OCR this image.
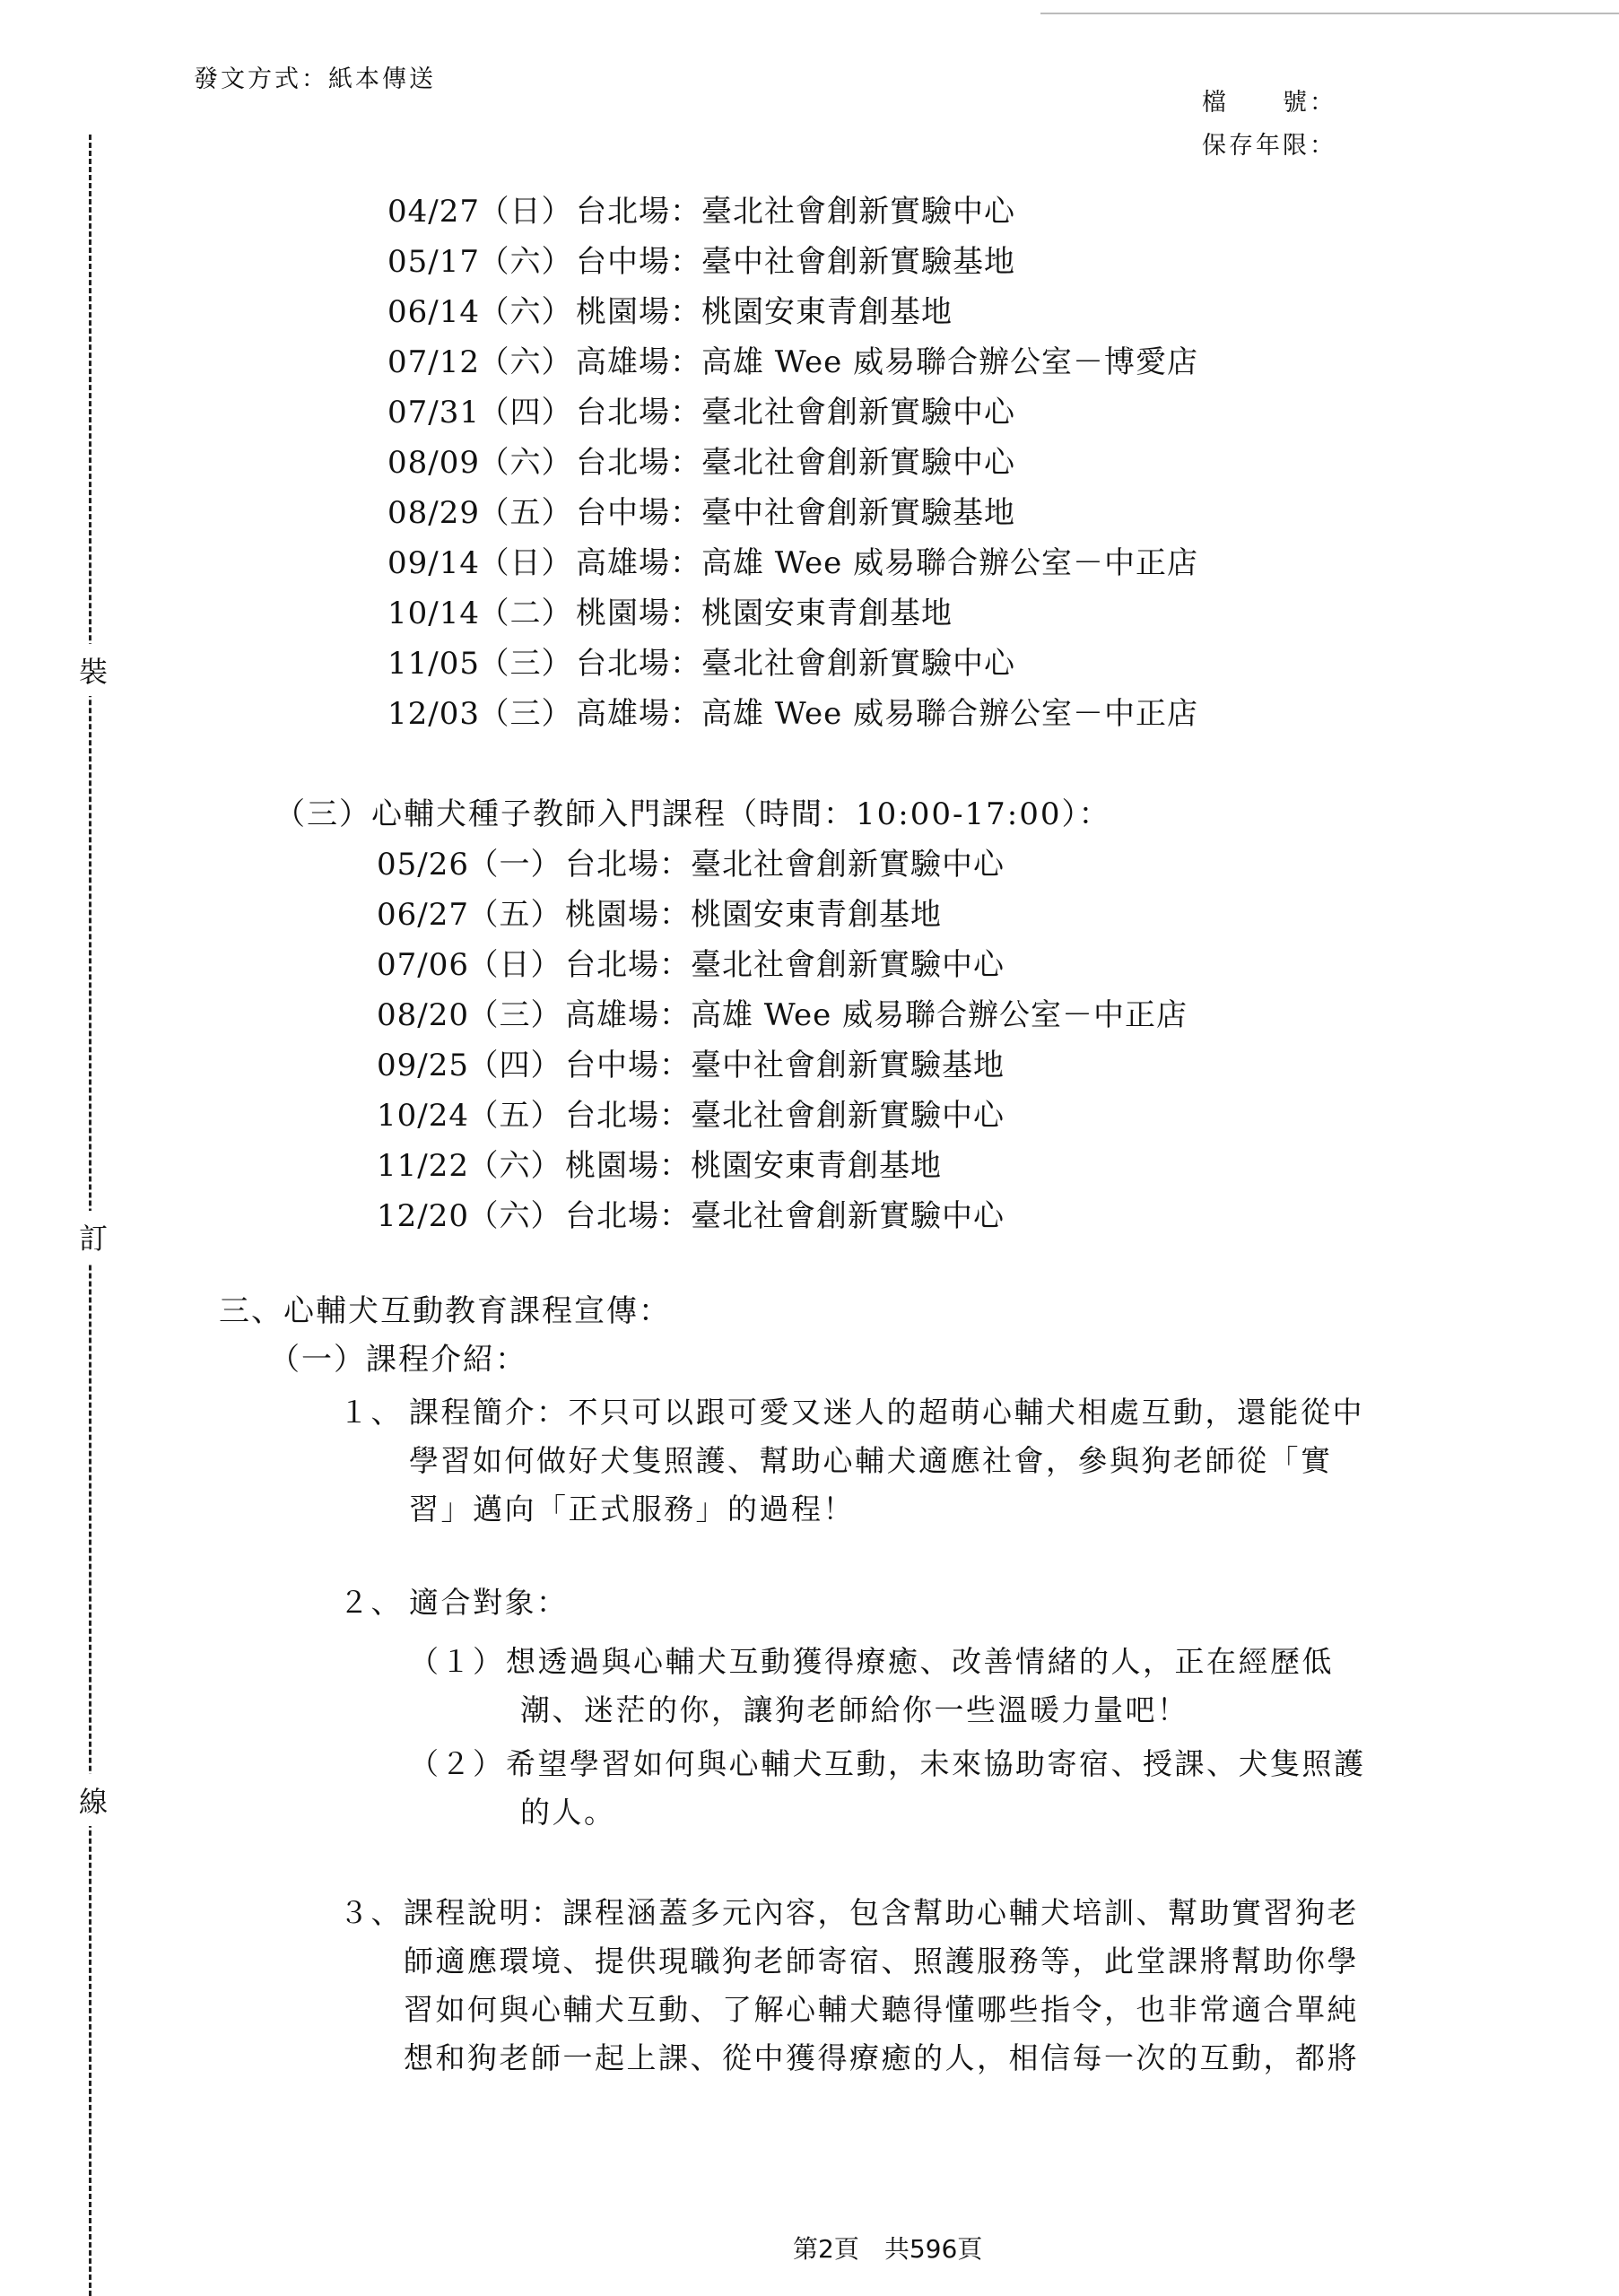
發文方式：紙本傳送
檔　　號：
保存年限：
裝
訂
線
04/27（日） 台北場：臺北社會創新實驗中心
05/17（六） 台中場：臺中社會創新實驗基地
06/14（六） 桃園場：桃園安東青創基地
07/12（六） 高雄場：高雄 Wee 威易聯合辦公室－博愛店
07/31（四） 台北場：臺北社會創新實驗中心
08/09（六） 台北場：臺北社會創新實驗中心
08/29（五） 台中場：臺中社會創新實驗基地
09/14（日） 高雄場：高雄 Wee 威易聯合辦公室－中正店
10/14（二） 桃園場：桃園安東青創基地
11/05（三） 台北場：臺北社會創新實驗中心
12/03（三） 高雄場：高雄 Wee 威易聯合辦公室－中正店
（三）心輔犬種子教師入門課程（時間：10:00-17:00）：
05/26（一） 台北場：臺北社會創新實驗中心
06/27（五） 桃園場：桃園安東青創基地
07/06（日） 台北場：臺北社會創新實驗中心
08/20（三） 高雄場：高雄 Wee 威易聯合辦公室－中正店
09/25（四） 台中場：臺中社會創新實驗基地
10/24（五） 台北場：臺北社會創新實驗中心
11/22（六） 桃園場：桃園安東青創基地
12/20（六） 台北場：臺北社會創新實驗中心
三、心輔犬互動教育課程宣傳：
（一）課程介紹：
１、 課程簡介：不只可以跟可愛又迷人的超萌心輔犬相處互動，還能從中
學習如何做好犬隻照護、幫助心輔犬適應社會，參與狗老師從「實
習」邁向「正式服務」的過程！
２、 適合對象：
（１） 想透過與心輔犬互動獲得療癒、改善情緒的人，正在經歷低
潮、迷茫的你，讓狗老師給你一些溫暖力量吧！
（２） 希望學習如何與心輔犬互動，未來協助寄宿、授課、犬隻照護
的人。
３、 課程說明：課程涵蓋多元內容，包含幫助心輔犬培訓、幫助實習狗老
師適應環境、提供現職狗老師寄宿、照護服務等，此堂課將幫助你學
習如何與心輔犬互動、了解心輔犬聽得懂哪些指令，也非常適合單純
想和狗老師一起上課、從中獲得療癒的人，相信每一次的互動，都將
第2頁　共596頁
